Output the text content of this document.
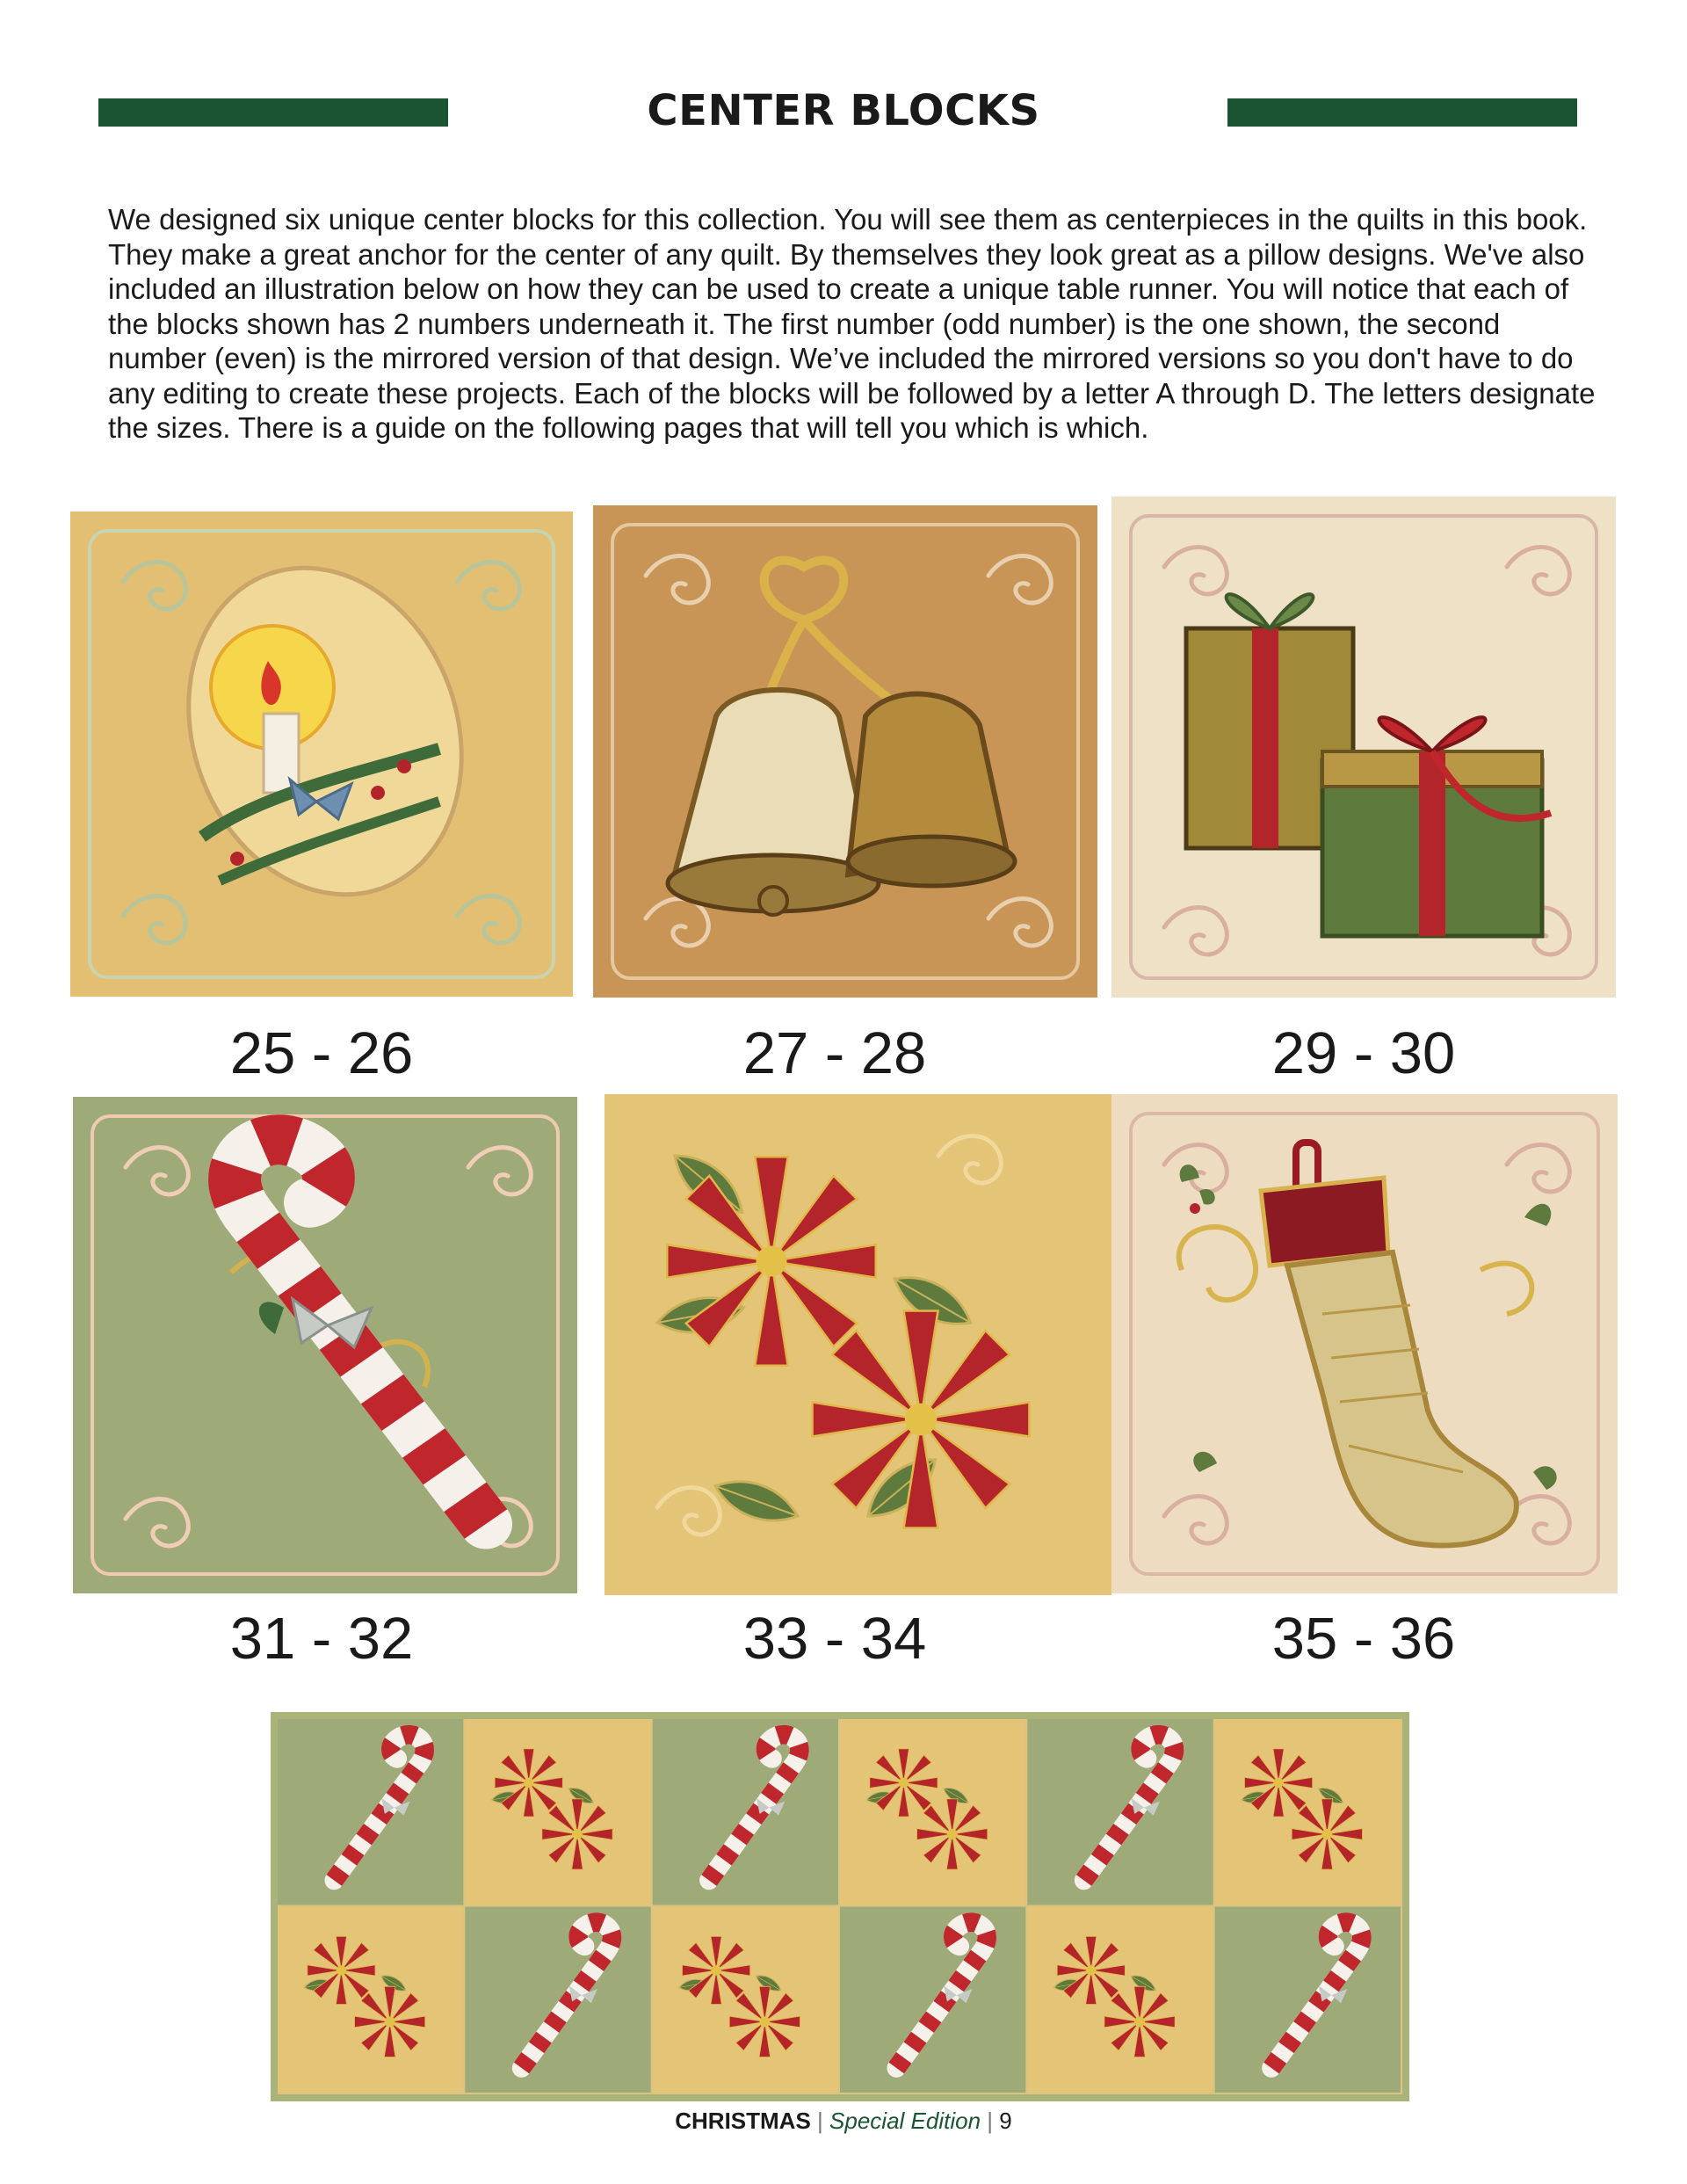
CENTER BLOCKS

We designed six unique center blocks for this collection. You will see them as centerpieces in the quilts in this book. They make a great anchor for the center of any quilt. By themselves they look great as a pillow designs. We've also included an illustration below on how they can be used to create a unique table runner. You will notice that each of the blocks shown has 2 numbers underneath it. The first number (odd number) is the one shown, the second number (even) is the mirrored version of that design. We’ve included the mirrored versions so you don't have to do any editing to create these projects. Each of the blocks will be followed by a letter A through D. The letters designate the sizes. There is a guide on the following pages that will tell you which is which.

25 - 26	27 - 28	29 - 30
31 - 32	33 - 34	35 - 36
CHRISTMAS | Special Edition | 9
